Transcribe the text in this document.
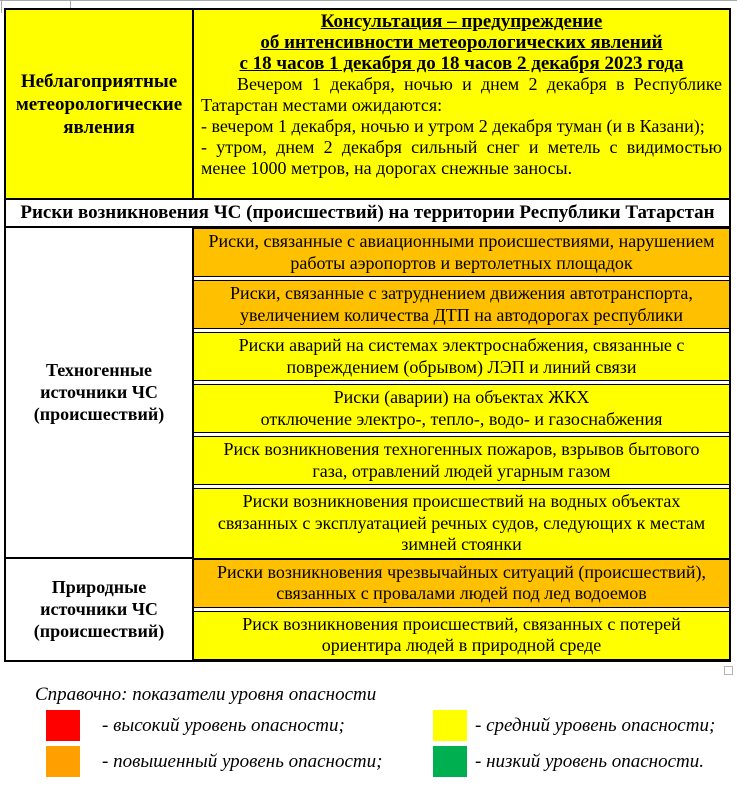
Неблагоприятные метеорологические явления
Консультация – предупреждение
об интенсивности метеорологических явлений
с 18 часов 1 декабря до 18 часов 2 декабря 2023 года

Вечером 1 декабря, ночью и днем 2 декабря в Республике Татарстан местами ожидаются:

- вечером 1 декабря, ночью и утром 2 декабря туман (и в Казани);

- утром, днем 2 декабря сильный снег и метель с видимостью менее 1000 метров, на дорогах снежные заносы.

Риски возникновения ЧС (происшествий) на территории Республики Татарстан
Техногенные источники ЧС (происшествий)
Риски, связанные с авиационными происшествиями, нарушением работы аэропортов и вертолетных площадок
Риски, связанные с затруднением движения автотранспорта, увеличением количества ДТП на автодорогах республики
Риски аварий на системах электроснабжения, связанные с повреждением (обрывом) ЛЭП и линий связи
Риски (аварии) на объектах ЖКХ
отключение электро-, тепло-, водо- и газоснабжения
Риск возникновения техногенных пожаров, взрывов бытового газа, отравлений людей угарным газом
Риски возникновения происшествий на водных объектах связанных с эксплуатацией речных судов, следующих к местам зимней стоянки
Природные источники ЧС (происшествий)
Риски возникновения чрезвычайных ситуаций (происшествий), связанных с провалами людей под лед водоемов
Риск возникновения происшествий, связанных с потерей ориентира людей в природной среде
Справочно: показатели уровня опасности
- высокий уровень опасности;
- повышенный уровень опасности;
- средний уровень опасности;
- низкий уровень опасности.
